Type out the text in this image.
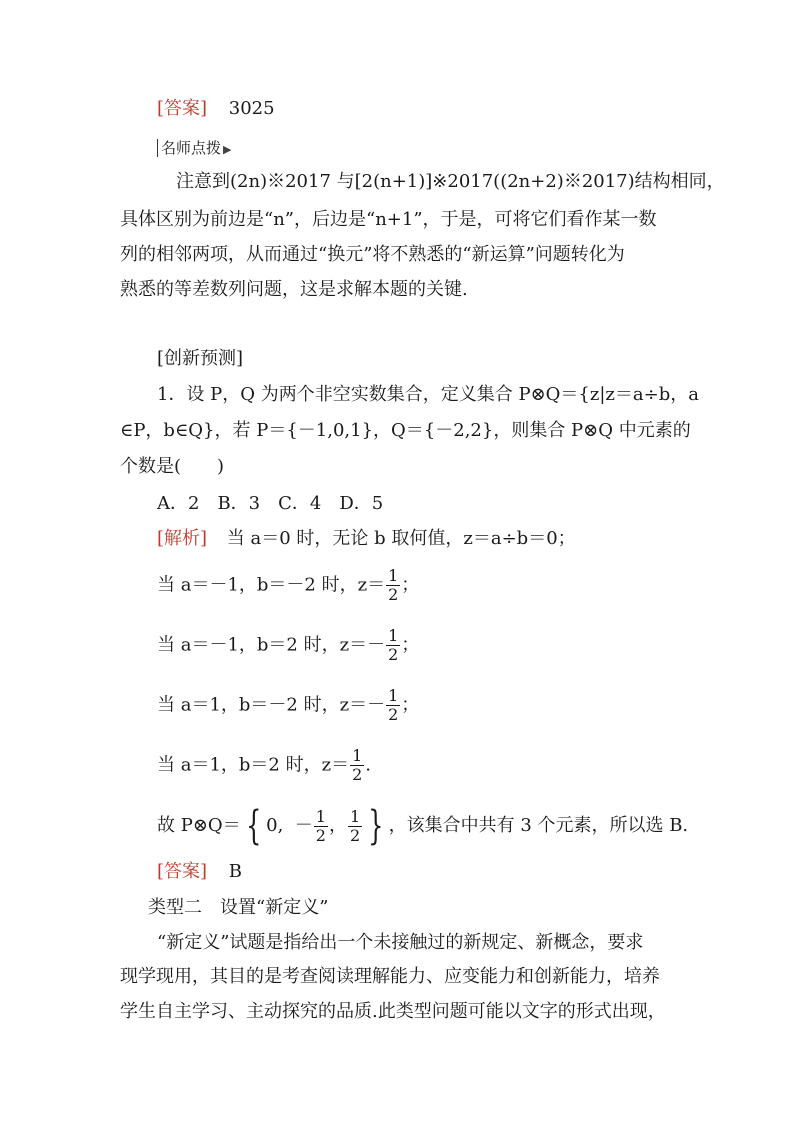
[答案] 3025
名师点拨 ▶
注意到(2n)※2017 与[2(n+1)]※2017((2n+2)※2017)结构相同，
具体区别为前边是“n”，后边是“n+1”，于是，可将它们看作某一数
列的相邻两项，从而通过“换元”将不熟悉的“新运算”问题转化为
熟悉的等差数列问题，这是求解本题的关键.
[创新预测]
1．设 P，Q 为两个非空实数集合，定义集合 P⊗Q＝{z|z＝a÷b，a
∈P，b∈Q}，若 P＝{－1,0,1}，Q＝{－2,2}，则集合 P⊗Q 中元素的
个数是(　　)
A．2　B．3　C．4　D．5
[解析] 当 a＝0 时，无论 b 取何值，z＝a÷b＝0；
当 a＝－1，b＝－2 时，$z= \frac{1}{2}$ ；
当 a＝－1，b＝2 时，$z=- \frac{1}{2}$ ；
当 a＝1，b＝－2 时，$z=- \frac{1}{2}$ ；
当 a＝1，b＝2 时，$z= \frac{1}{2}$ .
故 P⊗Q＝ { 0, － $\frac{1}{2}$ ， $\frac{1}{2}$ } ，该集合中共有 3 个元素，所以选 B.
[答案] B
类型二　设置“新定义”
“新定义”试题是指给出一个未接触过的新规定、新概念，要求
现学现用，其目的是考查阅读理解能力、应变能力和创新能力，培养
学生自主学习、主动探究的品质.此类型问题可能以文字的形式出现，
